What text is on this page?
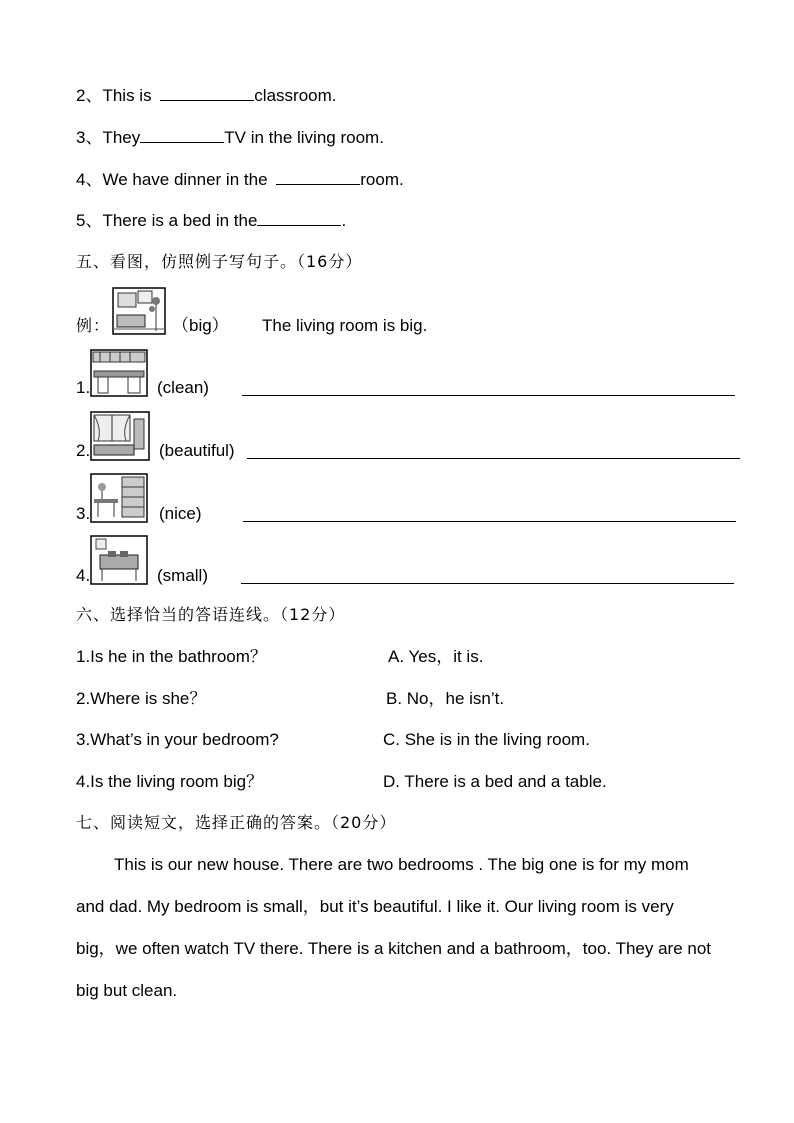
2、This is	classroom.
3、They	TV in the living room.
4、We have dinner in the	room.
5、There is a bed in the	.
五、看图，仿照例子写句子。（16分）
例：	（big） The living room is big.
1.	(clean)
2.	(beautiful)
3.	(nice)
4.	(small)
六、选择恰当的答语连线。（12分）
1.Is he in the bathroom？	A. Yes，it is.
2.Where is she？	B. No，he isn’t.
3.What’s in your bedroom?	C. She is in the living room.
4.Is the living room big？	D. There is a bed and a table.
七、阅读短文，选择正确的答案。（20分）

This is our new house. There are two bedrooms . The big one is for my mom and dad. My bedroom is small，but it’s beautiful. I like it. Our living room is very big，we often watch TV there. There is a kitchen and a bathroom，too. They are not big but clean.
